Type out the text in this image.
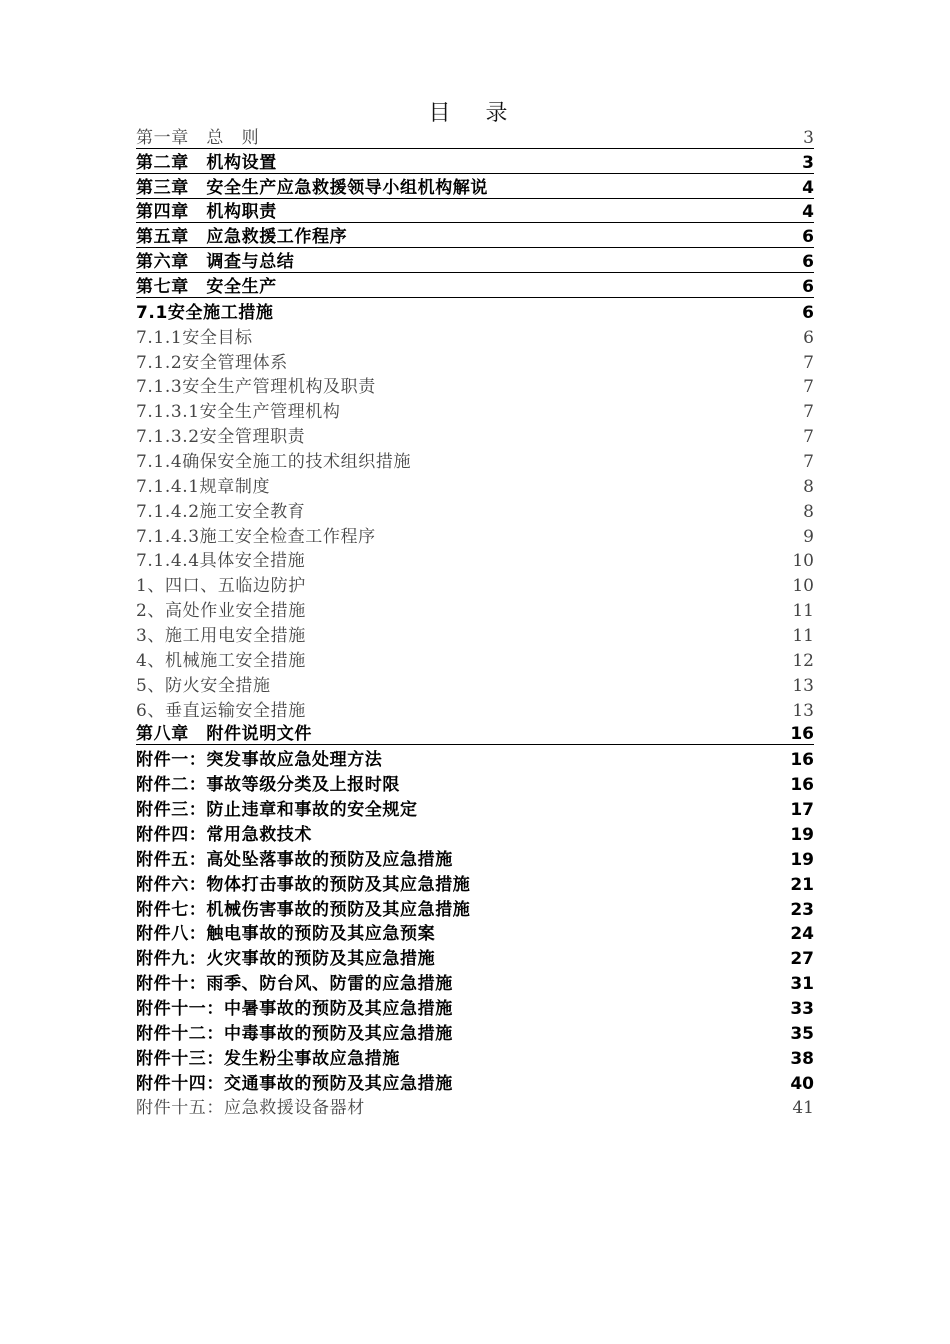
目 录
第一章　总　则	3
第二章　机构设置	3
第三章　安全生产应急救援领导小组机构解说	4
第四章　机构职责	4
第五章　应急救援工作程序	6
第六章　调查与总结	6
第七章　安全生产	6
7.1安全施工措施	6
7.1.1安全目标	6
7.1.2安全管理体系	7
7.1.3安全生产管理机构及职责	7
7.1.3.1安全生产管理机构	7
7.1.3.2安全管理职责	7
7.1.4确保安全施工的技术组织措施	7
7.1.4.1规章制度	8
7.1.4.2施工安全教育	8
7.1.4.3施工安全检查工作程序	9
7.1.4.4具体安全措施	10
1、四口、五临边防护	10
2、高处作业安全措施	11
3、施工用电安全措施	11
4、机械施工安全措施	12
5、防火安全措施	13
6、垂直运输安全措施	13
第八章　附件说明文件	16
附件一：突发事故应急处理方法	16
附件二：事故等级分类及上报时限	16
附件三：防止违章和事故的安全规定	17
附件四：常用急救技术	19
附件五：高处坠落事故的预防及应急措施	19
附件六：物体打击事故的预防及其应急措施	21
附件七：机械伤害事故的预防及其应急措施	23
附件八：触电事故的预防及其应急预案	24
附件九：火灾事故的预防及其应急措施	27
附件十：雨季、防台风、防雷的应急措施	31
附件十一：中暑事故的预防及其应急措施	33
附件十二：中毒事故的预防及其应急措施	35
附件十三：发生粉尘事故应急措施	38
附件十四：交通事故的预防及其应急措施	40
附件十五：应急救援设备器材	41
